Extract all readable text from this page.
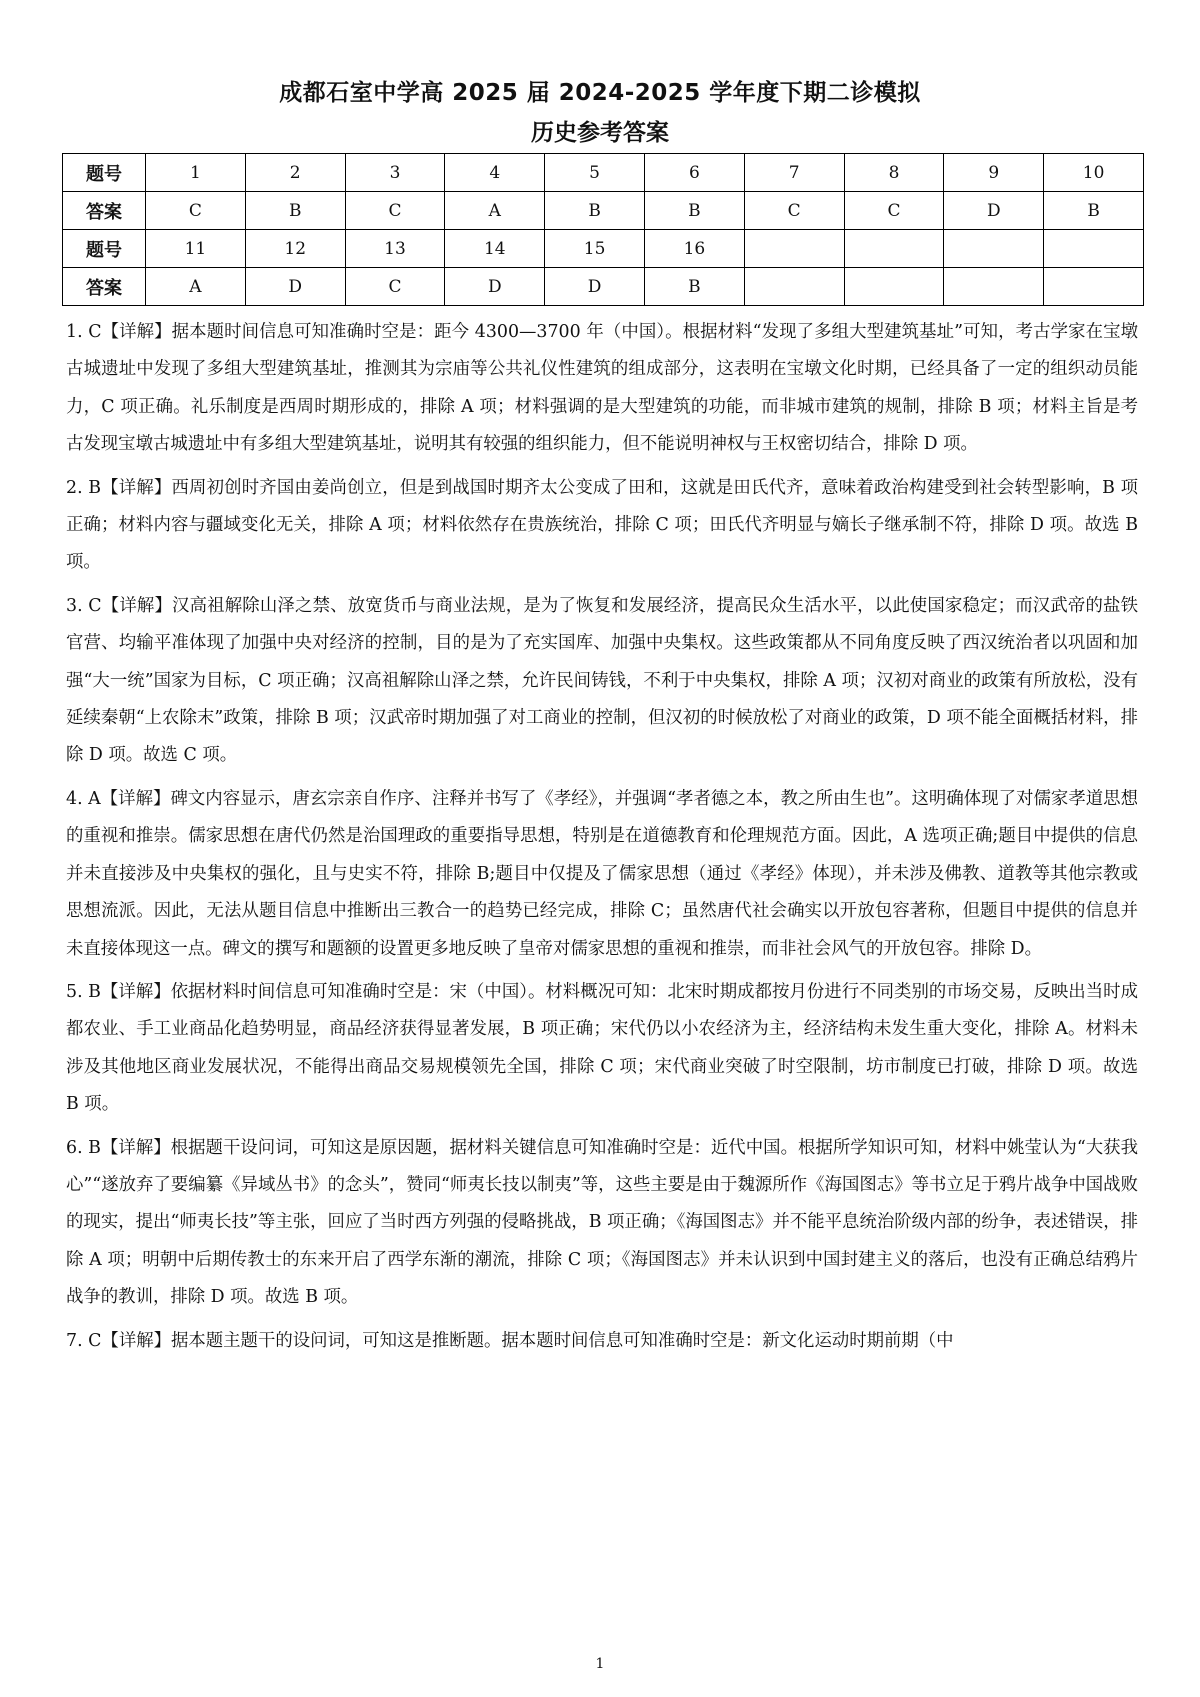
成都石室中学高 2025 届 2024-2025 学年度下期二诊模拟
历史参考答案
题号	1	2	3	4	5	6	7	8	9	10
答案	C	B	C	A	B	B	C	C	D	B
题号	11	12	13	14	15	16				
答案	A	D	C	D	D	B				

1. C【详解】据本题时间信息可知准确时空是：距今 4300—3700 年（中国）。根据材料“发现了多组大型建筑基址”可知，考古学家在宝墩古城遗址中发现了多组大型建筑基址，推测其为宗庙等公共礼仪性建筑的组成部分，这表明在宝墩文化时期，已经具备了一定的组织动员能力，C 项正确。礼乐制度是西周时期形成的，排除 A 项；材料强调的是大型建筑的功能，而非城市建筑的规制，排除 B 项；材料主旨是考古发现宝墩古城遗址中有多组大型建筑基址，说明其有较强的组织能力，但不能说明神权与王权密切结合，排除 D 项。

2. B【详解】西周初创时齐国由姜尚创立，但是到战国时期齐太公变成了田和，这就是田氏代齐，意味着政治构建受到社会转型影响，B 项正确；材料内容与疆域变化无关，排除 A 项；材料依然存在贵族统治，排除 C 项；田氏代齐明显与嫡长子继承制不符，排除 D 项。故选 B 项。

3. C【详解】汉高祖解除山泽之禁、放宽货币与商业法规，是为了恢复和发展经济，提高民众生活水平，以此使国家稳定；而汉武帝的盐铁官营、均输平准体现了加强中央对经济的控制，目的是为了充实国库、加强中央集权。这些政策都从不同角度反映了西汉统治者以巩固和加强“大一统”国家为目标，C 项正确；汉高祖解除山泽之禁，允许民间铸钱，不利于中央集权，排除 A 项；汉初对商业的政策有所放松，没有延续秦朝“上农除末”政策，排除 B 项；汉武帝时期加强了对工商业的控制，但汉初的时候放松了对商业的政策，D 项不能全面概括材料，排除 D 项。故选 C 项。

4. A【详解】碑文内容显示，唐玄宗亲自作序、注释并书写了《孝经》，并强调“孝者德之本，教之所由生也”。这明确体现了对儒家孝道思想的重视和推崇。儒家思想在唐代仍然是治国理政的重要指导思想，特别是在道德教育和伦理规范方面。因此，A 选项正确;题目中提供的信息并未直接涉及中央集权的强化，且与史实不符，排除 B;题目中仅提及了儒家思想（通过《孝经》体现），并未涉及佛教、道教等其他宗教或思想流派。因此，无法从题目信息中推断出三教合一的趋势已经完成，排除 C；虽然唐代社会确实以开放包容著称，但题目中提供的信息并未直接体现这一点。碑文的撰写和题额的设置更多地反映了皇帝对儒家思想的重视和推崇，而非社会风气的开放包容。排除 D。

5. B【详解】依据材料时间信息可知准确时空是：宋（中国）。材料概况可知：北宋时期成都按月份进行不同类别的市场交易，反映出当时成都农业、手工业商品化趋势明显，商品经济获得显著发展，B 项正确；宋代仍以小农经济为主，经济结构未发生重大变化，排除 A。材料未涉及其他地区商业发展状况，不能得出商品交易规模领先全国，排除 C 项；宋代商业突破了时空限制，坊市制度已打破，排除 D 项。故选 B 项。

6. B【详解】根据题干设问词，可知这是原因题，据材料关键信息可知准确时空是：近代中国。根据所学知识可知，材料中姚莹认为“大获我心”“遂放弃了要编纂《异域丛书》的念头”，赞同“师夷长技以制夷”等，这些主要是由于魏源所作《海国图志》等书立足于鸦片战争中国战败的现实，提出“师夷长技”等主张，回应了当时西方列强的侵略挑战，B 项正确；《海国图志》并不能平息统治阶级内部的纷争，表述错误，排除 A 项；明朝中后期传教士的东来开启了西学东渐的潮流，排除 C 项；《海国图志》并未认识到中国封建主义的落后，也没有正确总结鸦片战争的教训，排除 D 项。故选 B 项。

7. C【详解】据本题主题干的设问词，可知这是推断题。据本题时间信息可知准确时空是：新文化运动时期前期（中

1
